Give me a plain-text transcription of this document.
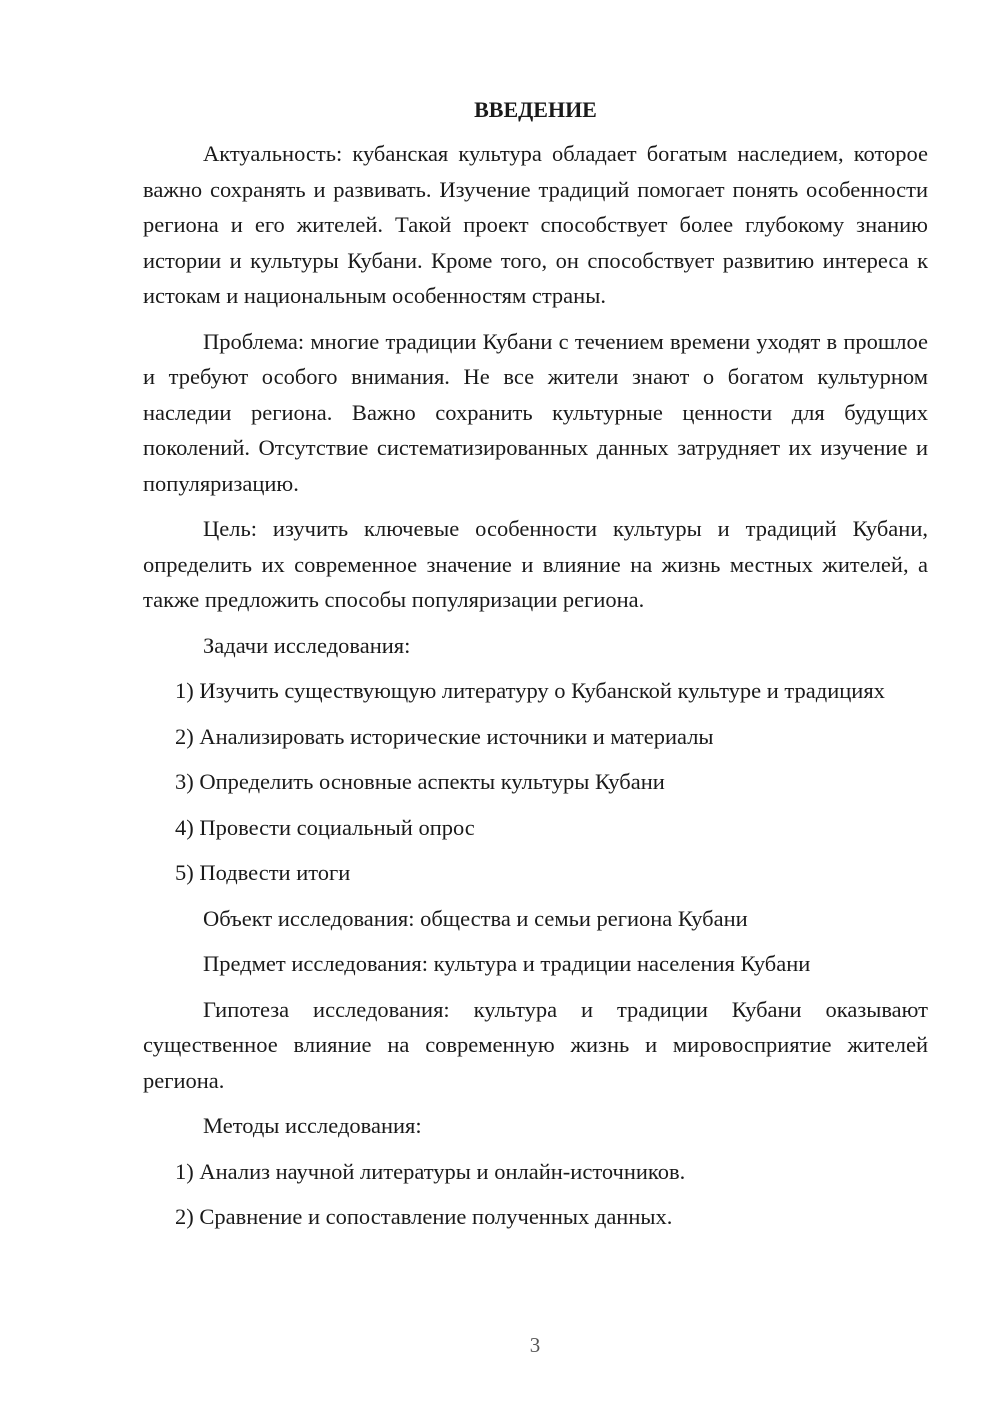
ВВЕДЕНИЕ

Актуальность: кубанская культура обладает богатым наследием, которое важно сохранять и развивать. Изучение традиций помогает понять особенности региона и его жителей. Такой проект способствует более глубокому знанию истории и культуры Кубани. Кроме того, он способствует развитию интереса к истокам и национальным особенностям страны.

Проблема: многие традиции Кубани с течением времени уходят в прошлое и требуют особого внимания. Не все жители знают о богатом культурном наследии региона. Важно сохранить культурные ценности для будущих поколений. Отсутствие систематизированных данных затрудняет их изучение и популяризацию.

Цель: изучить ключевые особенности культуры и традиций Кубани, определить их современное значение и влияние на жизнь местных жителей, а также предложить способы популяризации региона.

Задачи исследования:

1) Изучить существующую литературу о Кубанской культуре и традициях

2) Анализировать исторические источники и материалы

3) Определить основные аспекты культуры Кубани

4) Провести социальный опрос

5) Подвести итоги

Объект исследования: общества и семьи региона Кубани

Предмет исследования: культура и традиции населения Кубани

Гипотеза исследования: культура и традиции Кубани оказывают существенное влияние на современную жизнь и мировосприятие жителей региона.

Методы исследования:

1) Анализ научной литературы и онлайн-источников.

2) Сравнение и сопоставление полученных данных.

3
